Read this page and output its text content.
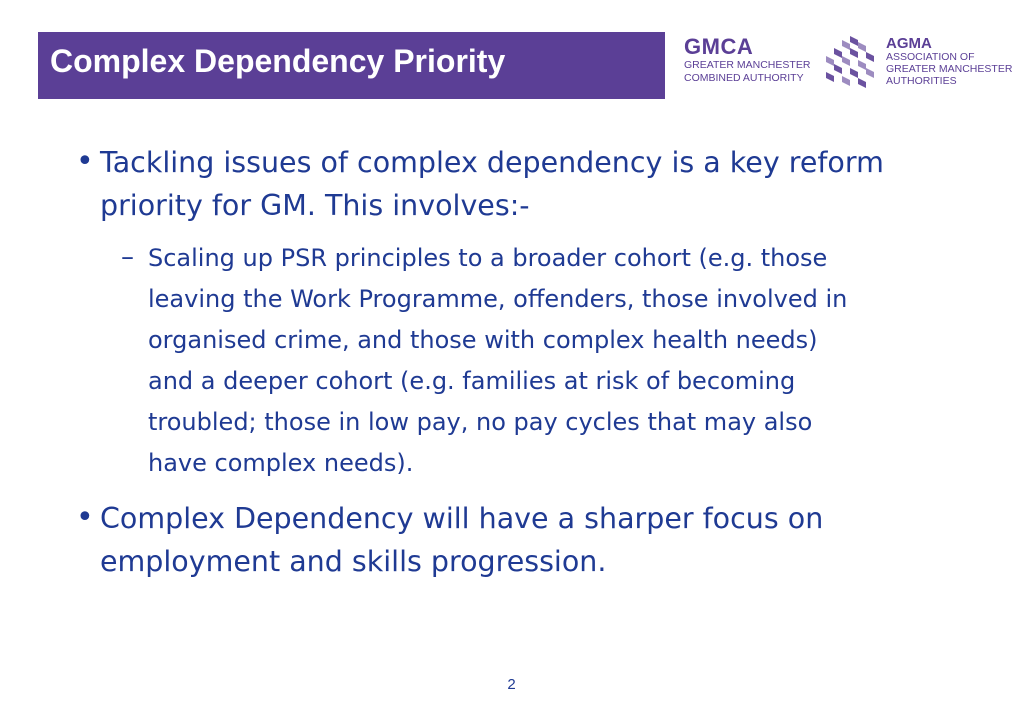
Complex Dependency Priority	GMCA
GREATER MANCHESTER
COMBINED AUTHORITY
AGMA
ASSOCIATION OF
GREATER MANCHESTER
AUTHORITIES
• Tackling issues of complex dependency is a key reform
priority for GM. This involves:-
– Scaling up PSR principles to a broader cohort (e.g. those
leaving the Work Programme, offenders, those involved in
organised crime, and those with complex health needs)
and a deeper cohort (e.g. families at risk of becoming
troubled; those in low pay, no pay cycles that may also
have complex needs).
• Complex Dependency will have a sharper focus on
employment and skills progression.
2
